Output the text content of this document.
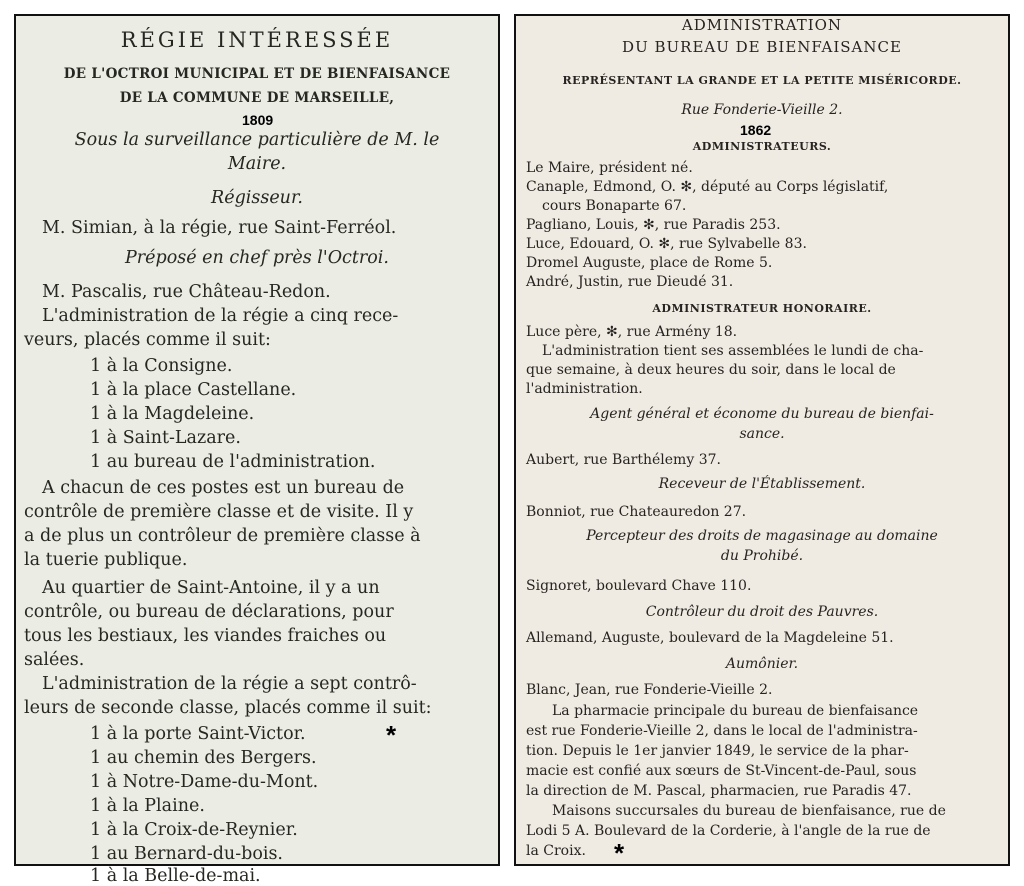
RÉGIE INTÉRESSÉE
DE L'OCTROI MUNICIPAL ET DE BIENFAISANCE
DE LA COMMUNE DE MARSEILLE,
1809
Sous la surveillance particulière de M. le
Maire.
Régisseur.
M. Simian, à la régie, rue Saint-Ferréol.
Préposé en chef près l'Octroi.
M. Pascalis, rue Château-Redon.
L'administration de la régie a cinq rece-
veurs, placés comme il suit:
1 à la Consigne.
1 à la place Castellane.
1 à la Magdeleine.
1 à Saint-Lazare.
1 au bureau de l'administration.
A chacun de ces postes est un bureau de
contrôle de première classe et de visite. Il y
a de plus un contrôleur de première classe à
la tuerie publique.
Au quartier de Saint-Antoine, il y a un
contrôle, ou bureau de déclarations, pour
tous les bestiaux, les viandes fraiches ou
salées.
L'administration de la régie a sept contrô-
leurs de seconde classe, placés comme il suit:
1 à la porte Saint-Victor.
1 au chemin des Bergers.
1 à Notre-Dame-du-Mont.
1 à la Plaine.
1 à la Croix-de-Reynier.
1 au Bernard-du-bois.
1 à la Belle-de-mai.
*
ADMINISTRATION
DU BUREAU DE BIENFAISANCE
REPRÉSENTANT LA GRANDE ET LA PETITE MISÉRICORDE.
Rue Fonderie-Vieille 2.
1862
ADMINISTRATEURS.
Le Maire, président né.
Canaple, Edmond, O. ✻, député au Corps législatif,
cours Bonaparte 67.
Pagliano, Louis, ✻, rue Paradis 253.
Luce, Edouard, O. ✻, rue Sylvabelle 83.
Dromel Auguste, place de Rome 5.
André, Justin, rue Dieudé 31.
ADMINISTRATEUR HONORAIRE.
Luce père, ✻, rue Armény 18.
L'administration tient ses assemblées le lundi de cha-
que semaine, à deux heures du soir, dans le local de
l'administration.
Agent général et économe du bureau de bienfai-
sance.
Aubert, rue Barthélemy 37.
Receveur de l'Établissement.
Bonniot, rue Chateauredon 27.
Percepteur des droits de magasinage au domaine
du Prohibé.
Signoret, boulevard Chave 110.
Contrôleur du droit des Pauvres.
Allemand, Auguste, boulevard de la Magdeleine 51.
Aumônier.
Blanc, Jean, rue Fonderie-Vieille 2.
La pharmacie principale du bureau de bienfaisance
est rue Fonderie-Vieille 2, dans le local de l'administra-
tion. Depuis le 1er janvier 1849, le service de la phar-
macie est confié aux sœurs de St-Vincent-de-Paul, sous
la direction de M. Pascal, pharmacien, rue Paradis 47.
Maisons succursales du bureau de bienfaisance, rue de
Lodi 5 A. Boulevard de la Corderie, à l'angle de la rue de
la Croix.	*
